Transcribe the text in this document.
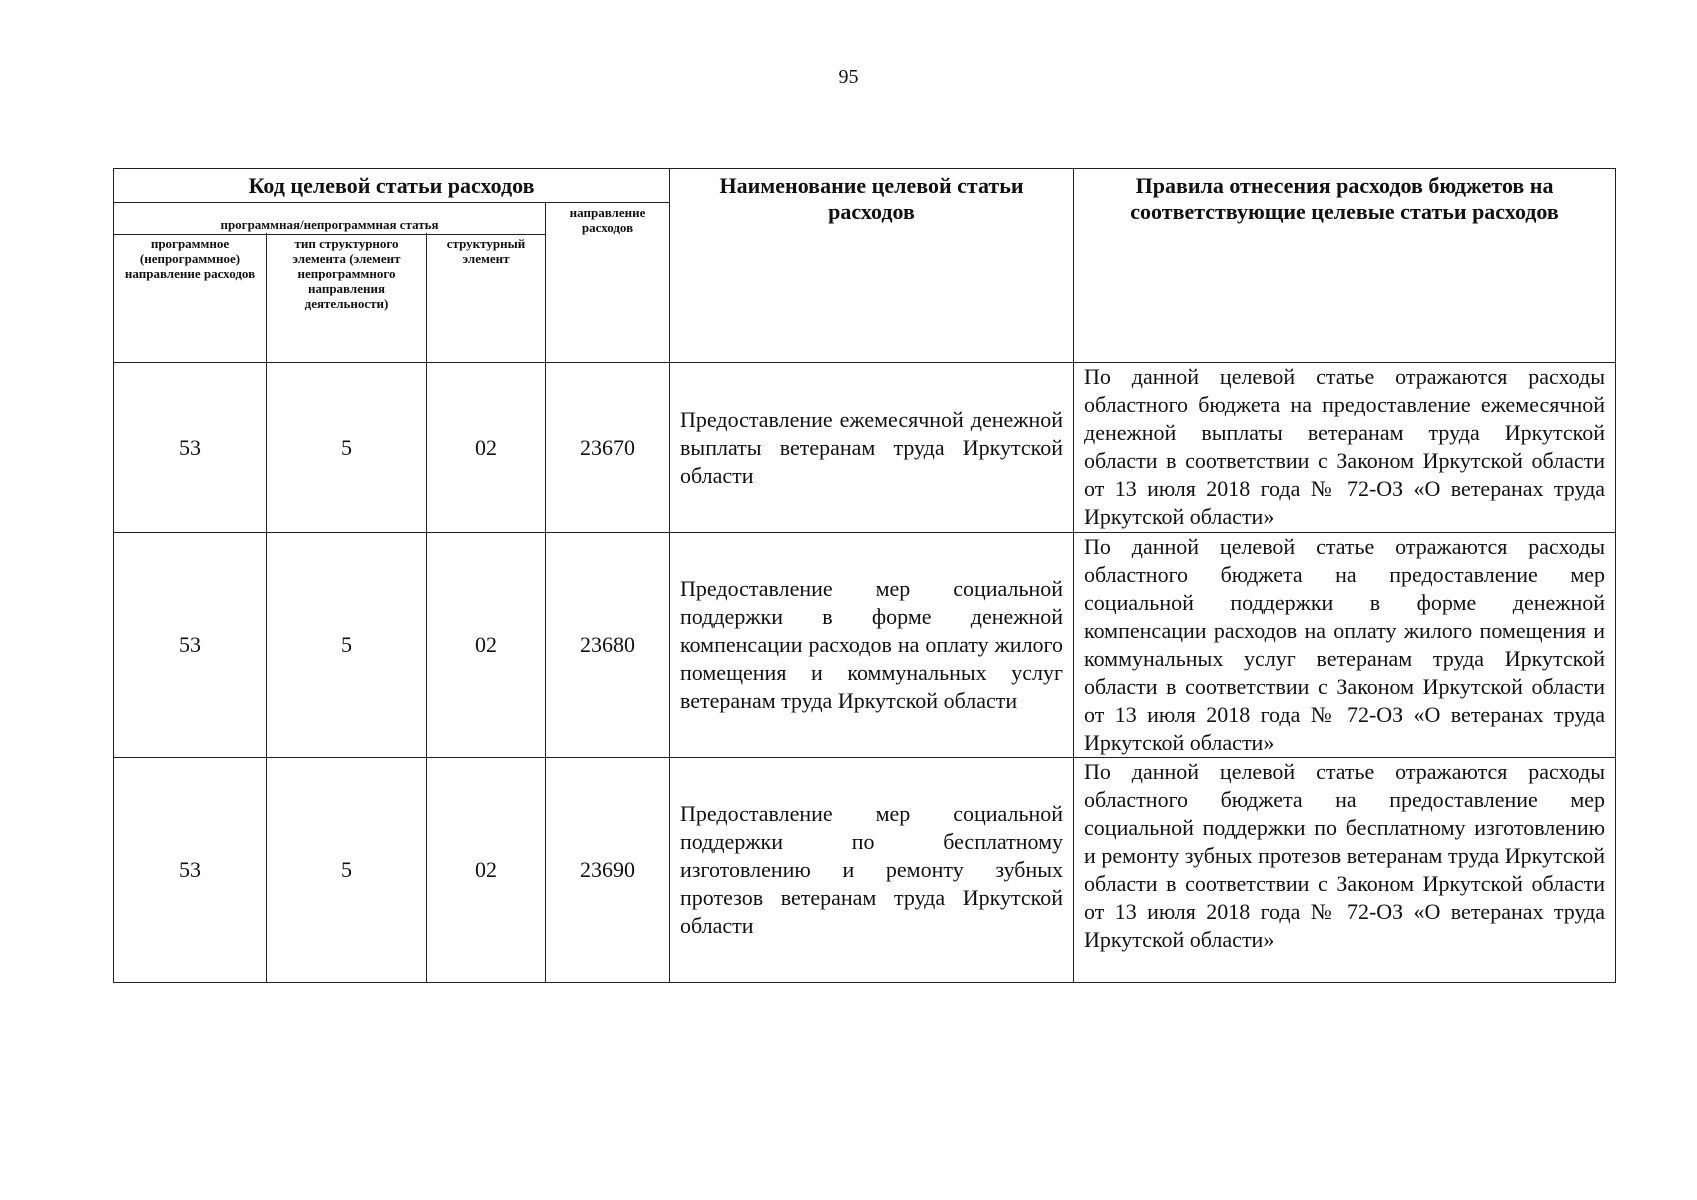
95
Код целевой статьи расходов				Наименование целевой статьи расходов	Правила отнесения расходов бюджетов на соответствующие целевые статьи расходов
программная/непрограммная статья			направление расходов		

программное (непрограммное) направление расходов	тип структурного элемента (элемент непрограммного направления деятельности)	структурный элемент			

53	5	02	23670	Предоставление ежемесячной денежной выплаты ветеранам труда Иркутской области	По данной целевой статье отражаются расходы областного бюджета на предоставление ежемесячной денежной выплаты ветеранам труда Иркутской области в соответствии с Законом Иркутской области от 13 июля 2018 года № 72-ОЗ «О ветеранах труда Иркутской области»
53	5	02	23680	Предоставление мер социальной поддержки в форме денежной компенсации расходов на оплату жилого помещения и коммунальных услуг ветеранам труда Иркутской области	По данной целевой статье отражаются расходы областного бюджета на предоставление мер социальной поддержки в форме денежной компенсации расходов на оплату жилого помещения и коммунальных услуг ветеранам труда Иркутской области в соответствии с Законом Иркутской области от 13 июля 2018 года № 72-ОЗ «О ветеранах труда Иркутской области»
53	5	02	23690	Предоставление мер социальной поддержки по бесплатному изготовлению и ремонту зубных протезов ветеранам труда Иркутской области	По данной целевой статье отражаются расходы областного бюджета на предоставление мер социальной поддержки по бесплатному изготовлению и ремонту зубных протезов ветеранам труда Иркутской области в соответствии с Законом Иркутской области от 13 июля 2018 года № 72-ОЗ «О ветеранах труда Иркутской области»
